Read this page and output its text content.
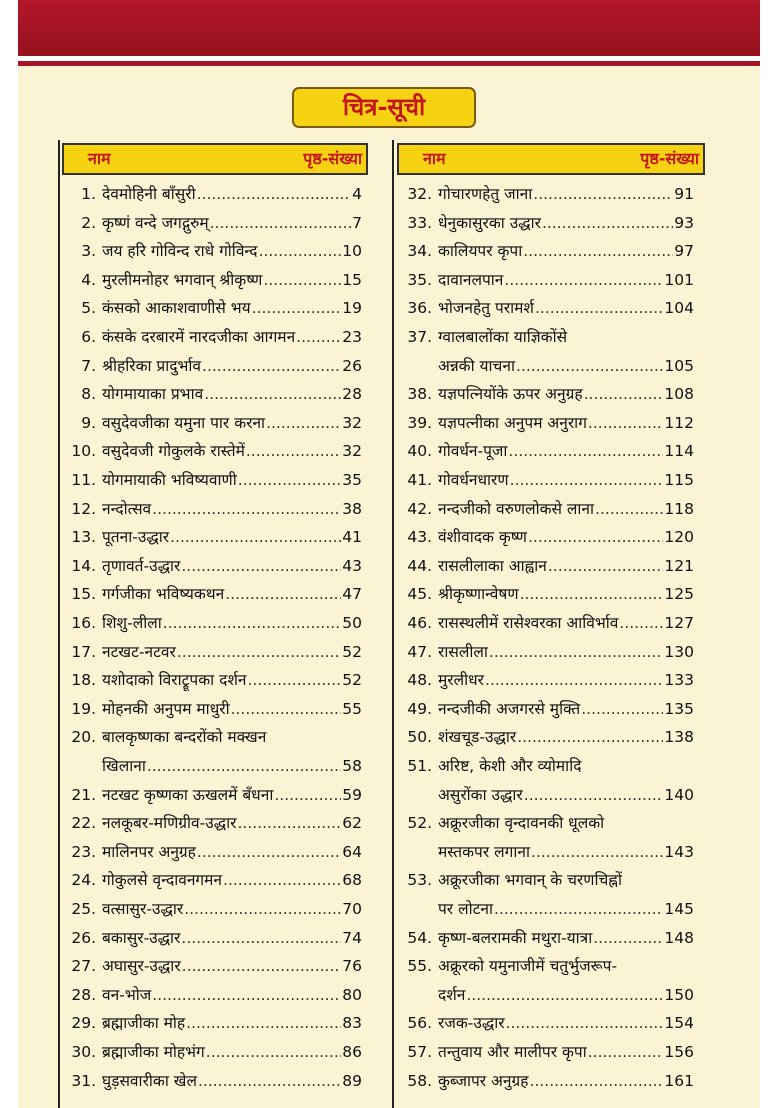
चित्र-सूची
नाम	पृष्ठ-संख्या	नाम	पृष्ठ-संख्या
1. देवमोहिनी बाँसुरी .....	4
2. कृष्णं वन्दे जगद्गुरुम् .....	7
3. जय हरि गोविन्द राधे गोविन्द .....	10
4. मुरलीमनोहर भगवान् श्रीकृष्ण .....	15
5. कंसको आकाशवाणीसे भय .....	19
6. कंसके दरबारमें नारदजीका आगमन .....	23
7. श्रीहरिका प्रादुर्भाव .....	26
8. योगमायाका प्रभाव .....	28
9. वसुदेवजीका यमुना पार करना .....	32
10. वसुदेवजी गोकुलके रास्तेमें .....	32
11. योगमायाकी भविष्यवाणी .....	35
12. नन्दोत्सव .....	38
13. पूतना-उद्धार .....	41
14. तृणावर्त-उद्धार .....	43
15. गर्गजीका भविष्यकथन .....	47
16. शिशु-लीला .....	50
17. नटखट-नटवर .....	52
18. यशोदाको विराट्रूपका दर्शन .....	52
19. मोहनकी अनुपम माधुरी .....	55
20. बालकृष्णका बन्दरोंको मक्खन
खिलाना .....	58
21. नटखट कृष्णका ऊखलमें बँधना .....	59
22. नलकूबर-मणिग्रीव-उद्धार .....	62
23. मालिनपर अनुग्रह .....	64
24. गोकुलसे वृन्दावनगमन .....	68
25. वत्सासुर-उद्धार .....	70
26. बकासुर-उद्धार .....	74
27. अघासुर-उद्धार .....	76
28. वन-भोज .....	80
29. ब्रह्माजीका मोह .....	83
30. ब्रह्माजीका मोहभंग .....	86
31. घुड़सवारीका खेल .....	89
32. गोचारणहेतु जाना .....	91
33. धेनुकासुरका उद्धार .....	93
34. कालियपर कृपा .....	97
35. दावानलपान .....	101
36. भोजनहेतु परामर्श .....	104
37. ग्वालबालोंका याज्ञिकोंसे
अन्नकी याचना .....	105
38. यज्ञपत्नियोंके ऊपर अनुग्रह .....	108
39. यज्ञपत्नीका अनुपम अनुराग .....	112
40. गोवर्धन-पूजा .....	114
41. गोवर्धनधारण .....	115
42. नन्दजीको वरुणलोकसे लाना .....	118
43. वंशीवादक कृष्ण .....	120
44. रासलीलाका आह्वान .....	121
45. श्रीकृष्णान्वेषण .....	125
46. रासस्थलीमें रासेश्वरका आविर्भाव .....	127
47. रासलीला .....	130
48. मुरलीधर .....	133
49. नन्दजीकी अजगरसे मुक्ति .....	135
50. शंखचूड-उद्धार .....	138
51. अरिष्ट, केशी और व्योमादि
असुरोंका उद्धार .....	140
52. अक्रूरजीका वृन्दावनकी धूलको
मस्तकपर लगाना .....	143
53. अक्रूरजीका भगवान् के चरणचिह्नों
पर लोटना .....	145
54. कृष्ण-बलरामकी मथुरा-यात्रा .....	148
55. अक्रूरको यमुनाजीमें चतुर्भुजरूप-
दर्शन .....	150
56. रजक-उद्धार .....	154
57. तन्तुवाय और मालीपर कृपा .....	156
58. कुब्जापर अनुग्रह .....	161
